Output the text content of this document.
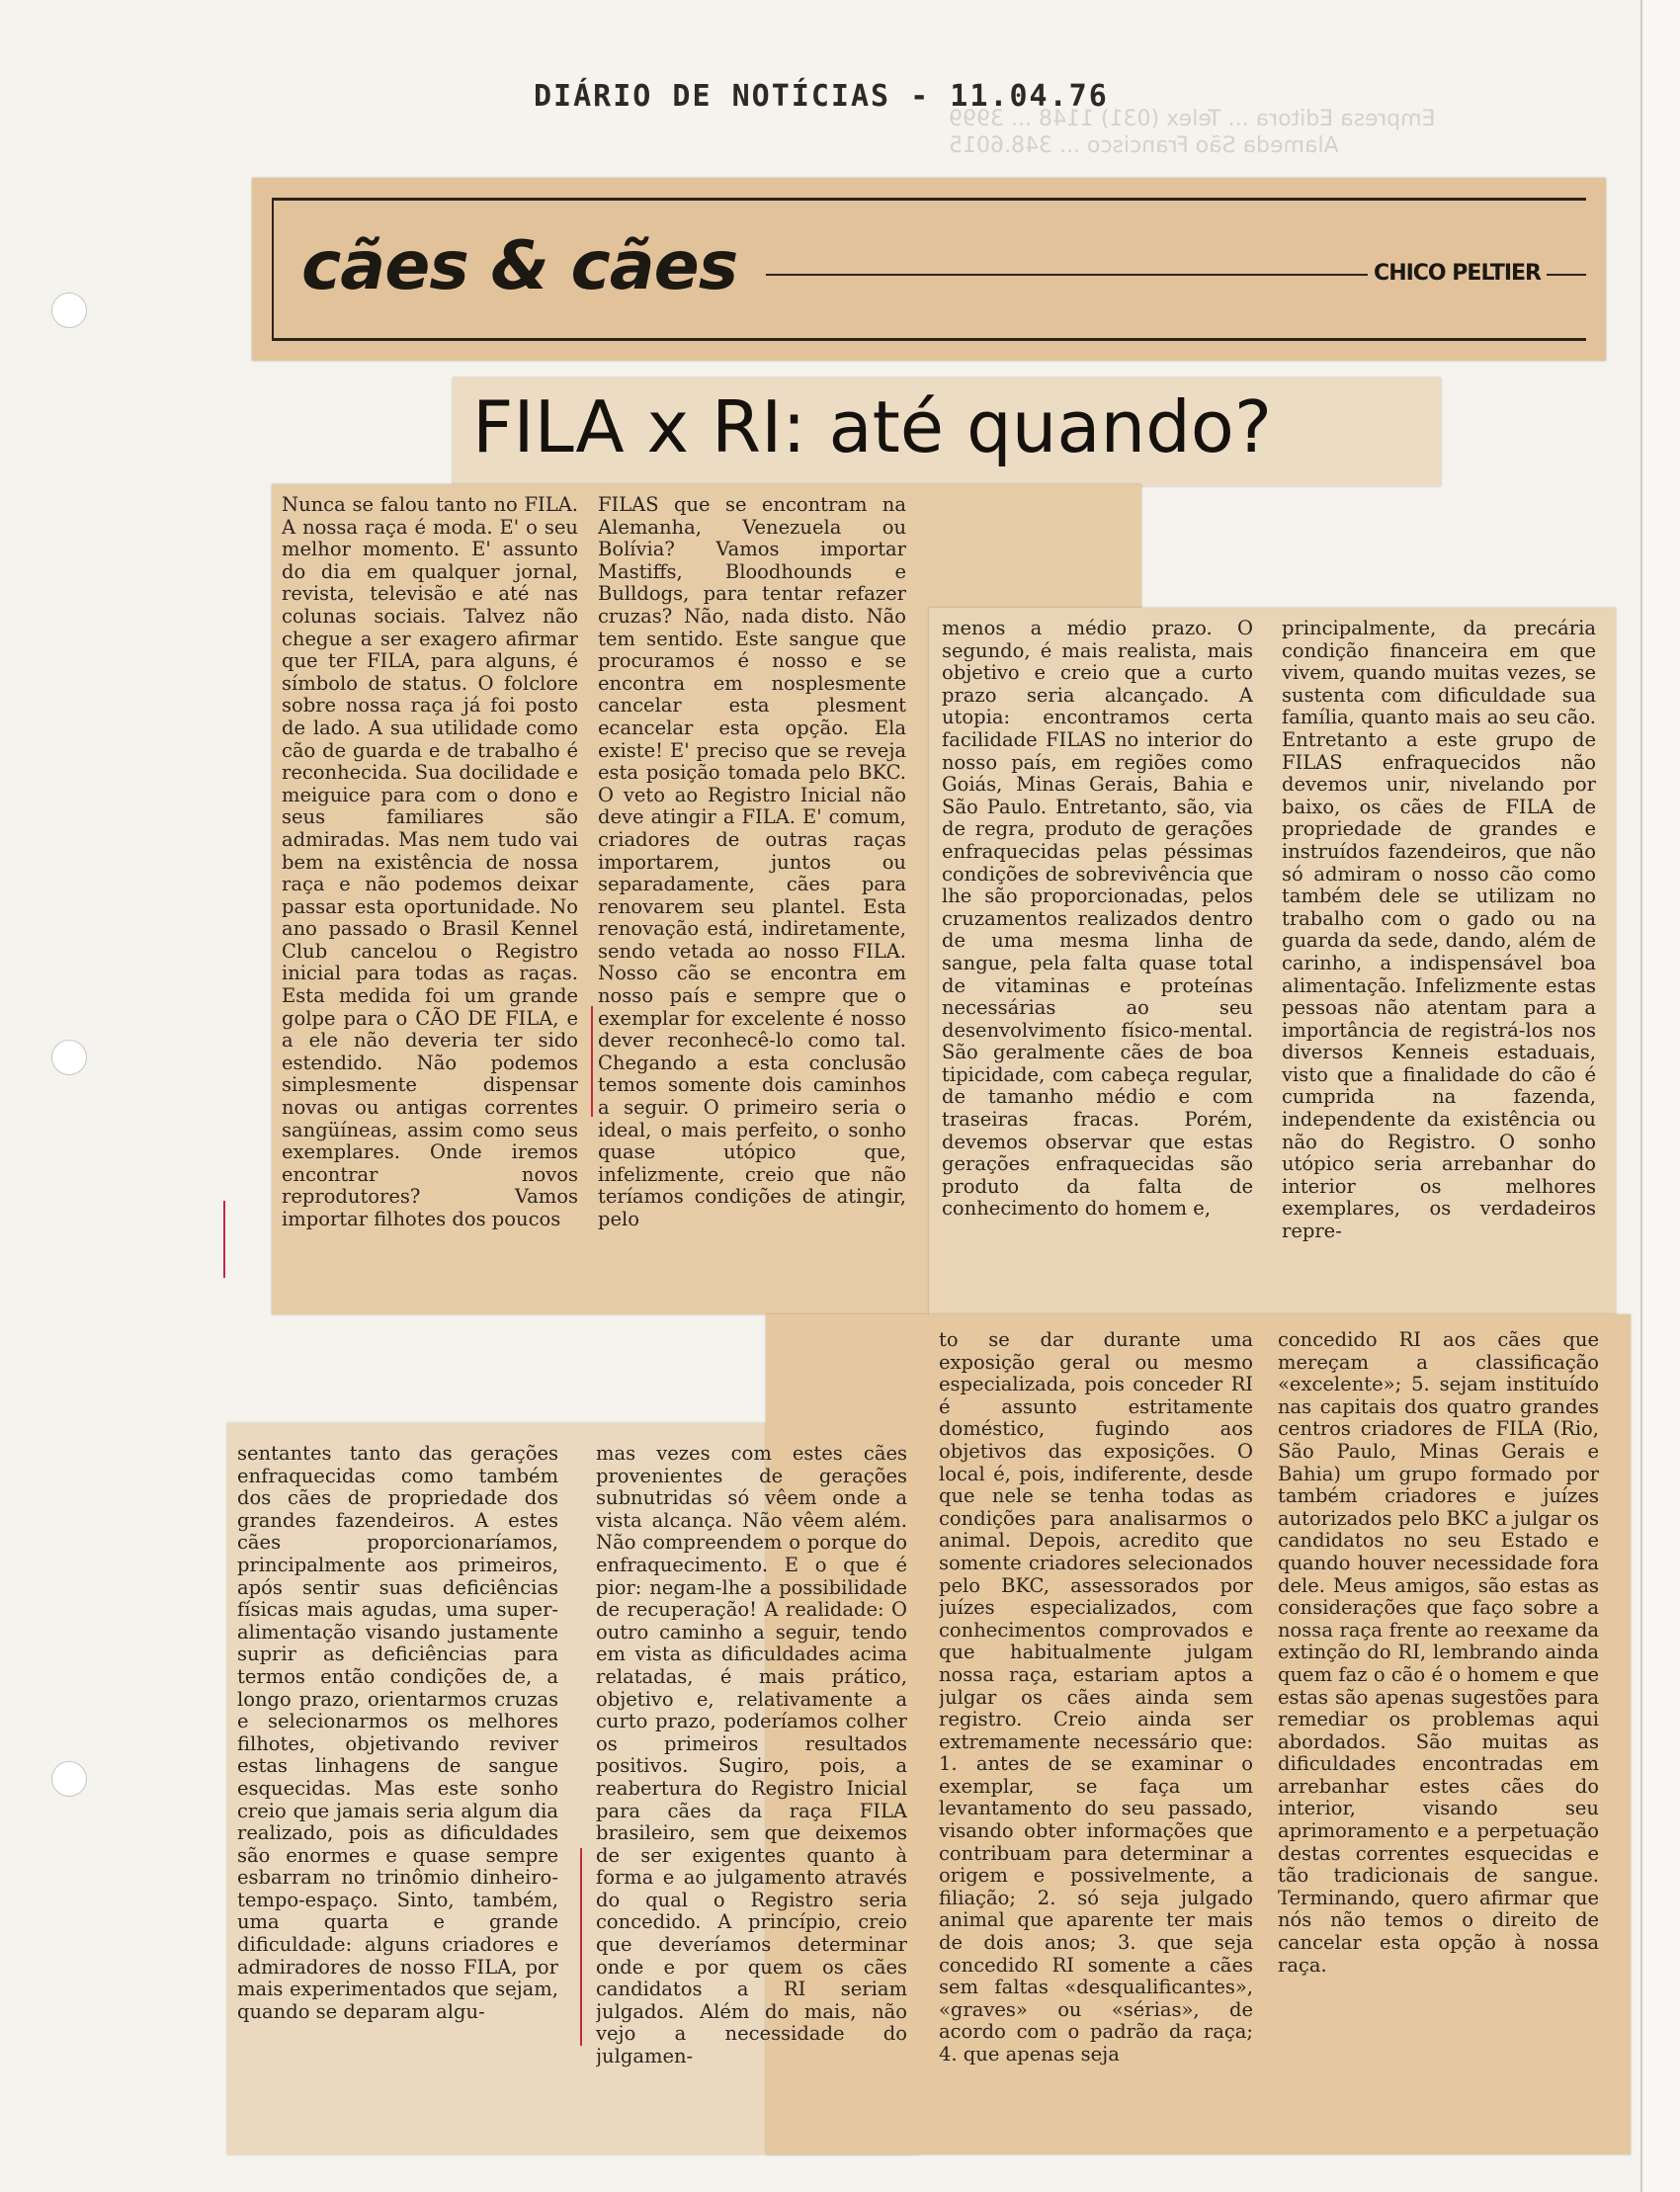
DIÁRIO DE NOTÍCIAS - 11.04.76
Empresa Editora ... Telex (031) 1148 ... 3999
Alameda São Francisco ... 348.6015
cães & cães	CHICO PELTIER
FILA x RI: até quando?
Nunca se falou tanto no FILA. A nossa raça é moda. E' o seu melhor momento. E' assunto do dia em qualquer jornal, revista, televisão e até nas colunas sociais. Talvez não chegue a ser exagero afirmar que ter FILA, para alguns, é símbolo de status. O folclore sobre nossa raça já foi posto de lado. A sua utilidade como cão de guarda e de trabalho é reconhecida. Sua docilidade e meiguice para com o dono e seus familiares são admiradas. Mas nem tudo vai bem na existência de nossa raça e não podemos deixar passar esta oportunidade. No ano passado o Brasil Kennel Club cancelou o Registro inicial para todas as raças. Esta medida foi um grande golpe para o CÃO DE FILA, e a ele não deveria ter sido estendido. Não podemos simplesmente dispensar novas ou antigas correntes sangüíneas, assim como seus exemplares. Onde iremos encontrar novos reprodutores? Vamos importar filhotes dos poucos
FILAS que se encontram na Alemanha, Venezuela ou Bolívia? Vamos importar Mastiffs, Bloodhounds e Bulldogs, para tentar refazer cruzas? Não, nada disto. Não tem sentido. Este sangue que procuramos é nosso e se encontra em nosplesmente cancelar esta plesment ecancelar esta opção. Ela existe! E' preciso que se reveja esta posição tomada pelo BKC. O veto ao Registro Inicial não deve atingir a FILA. E' comum, criadores de outras raças importarem, juntos ou separadamente, cães para renovarem seu plantel. Esta renovação está, indiretamente, sendo vetada ao nosso FILA. Nosso cão se encontra em nosso país e sempre que o exemplar for excelente é nosso dever reconhecê-lo como tal. Chegando a esta conclusão temos somente dois caminhos a seguir. O primeiro seria o ideal, o mais perfeito, o sonho quase utópico que, infelizmente, creio que não teríamos condições de atingir, pelo
menos a médio prazo. O segundo, é mais realista, mais objetivo e creio que a curto prazo seria alcançado. A utopia: encontramos certa facilidade FILAS no interior do nosso país, em regiões como Goiás, Minas Gerais, Bahia e São Paulo. Entretanto, são, via de regra, produto de gerações enfraquecidas pelas péssimas condições de sobrevivência que lhe são proporcionadas, pelos cruzamentos realizados dentro de uma mesma linha de sangue, pela falta quase total de vitaminas e proteínas necessárias ao seu desenvolvimento físico-mental. São geralmente cães de boa tipicidade, com cabeça regular, de tamanho médio e com traseiras fracas. Porém, devemos observar que estas gerações enfraquecidas são produto da falta de conhecimento do homem e,
principalmente, da precária condição financeira em que vivem, quando muitas vezes, se sustenta com dificuldade sua família, quanto mais ao seu cão. Entretanto a este grupo de FILAS enfraquecidos não devemos unir, nivelando por baixo, os cães de FILA de propriedade de grandes e instruídos fazendeiros, que não só admiram o nosso cão como também dele se utilizam no trabalho com o gado ou na guarda da sede, dando, além de carinho, a indispensável boa alimentação. Infelizmente estas pessoas não atentam para a importância de registrá-los nos diversos Kenneis estaduais, visto que a finalidade do cão é cumprida na fazenda, independente da existência ou não do Registro. O sonho utópico seria arrebanhar do interior os melhores exemplares, os verdadeiros repre-
sentantes tanto das gerações enfraquecidas como também dos cães de propriedade dos grandes fazendeiros. A estes cães proporcionaríamos, principalmente aos primeiros, após sentir suas deficiências físicas mais agudas, uma super-alimentação visando justamente suprir as deficiências para termos então condições de, a longo prazo, orientarmos cruzas e selecionarmos os melhores filhotes, objetivando reviver estas linhagens de sangue esquecidas. Mas este sonho creio que jamais seria algum dia realizado, pois as dificuldades são enormes e quase sempre esbarram no trinômio dinheiro-tempo-espaço. Sinto, também, uma quarta e grande dificuldade: alguns criadores e admiradores de nosso FILA, por mais experimentados que sejam, quando se deparam algu-
mas vezes com estes cães provenientes de gerações subnutridas só vêem onde a vista alcança. Não vêem além. Não compreendem o porque do enfraquecimento. E o que é pior: negam-lhe a possibilidade de recuperação! A realidade: O outro caminho a seguir, tendo em vista as dificuldades acima relatadas, é mais prático, objetivo e, relativamente a curto prazo, poderíamos colher os primeiros resultados positivos. Sugiro, pois, a reabertura do Registro Inicial para cães da raça FILA brasileiro, sem que deixemos de ser exigentes quanto à forma e ao julgamento através do qual o Registro seria concedido. A princípio, creio que deveríamos determinar onde e por quem os cães candidatos a RI seriam julgados. Além do mais, não vejo a necessidade do julgamen-
to se dar durante uma exposição geral ou mesmo especializada, pois conceder RI é assunto estritamente doméstico, fugindo aos objetivos das exposições. O local é, pois, indiferente, desde que nele se tenha todas as condições para analisarmos o animal. Depois, acredito que somente criadores selecionados pelo BKC, assessorados por juízes especializados, com conhecimentos comprovados e que habitualmente julgam nossa raça, estariam aptos a julgar os cães ainda sem registro. Creio ainda ser extremamente necessário que: 1. antes de se examinar o exemplar, se faça um levantamento do seu passado, visando obter informações que contribuam para determinar a origem e possivelmente, a filiação; 2. só seja julgado animal que aparente ter mais de dois anos; 3. que seja concedido RI somente a cães sem faltas «desqualificantes», «graves» ou «sérias», de acordo com o padrão da raça; 4. que apenas seja
concedido RI aos cães que mereçam a classificação «excelente»; 5. sejam instituído nas capitais dos quatro grandes centros criadores de FILA (Rio, São Paulo, Minas Gerais e Bahia) um grupo formado por também criadores e juízes autorizados pelo BKC a julgar os candidatos no seu Estado e quando houver necessidade fora dele. Meus amigos, são estas as considerações que faço sobre a nossa raça frente ao reexame da extinção do RI, lembrando ainda quem faz o cão é o homem e que estas são apenas sugestões para remediar os problemas aqui abordados. São muitas as dificuldades encontradas em arrebanhar estes cães do interior, visando seu aprimoramento e a perpetuação destas correntes esquecidas e tão tradicionais de sangue. Terminando, quero afirmar que nós não temos o direito de cancelar esta opção à nossa raça.
